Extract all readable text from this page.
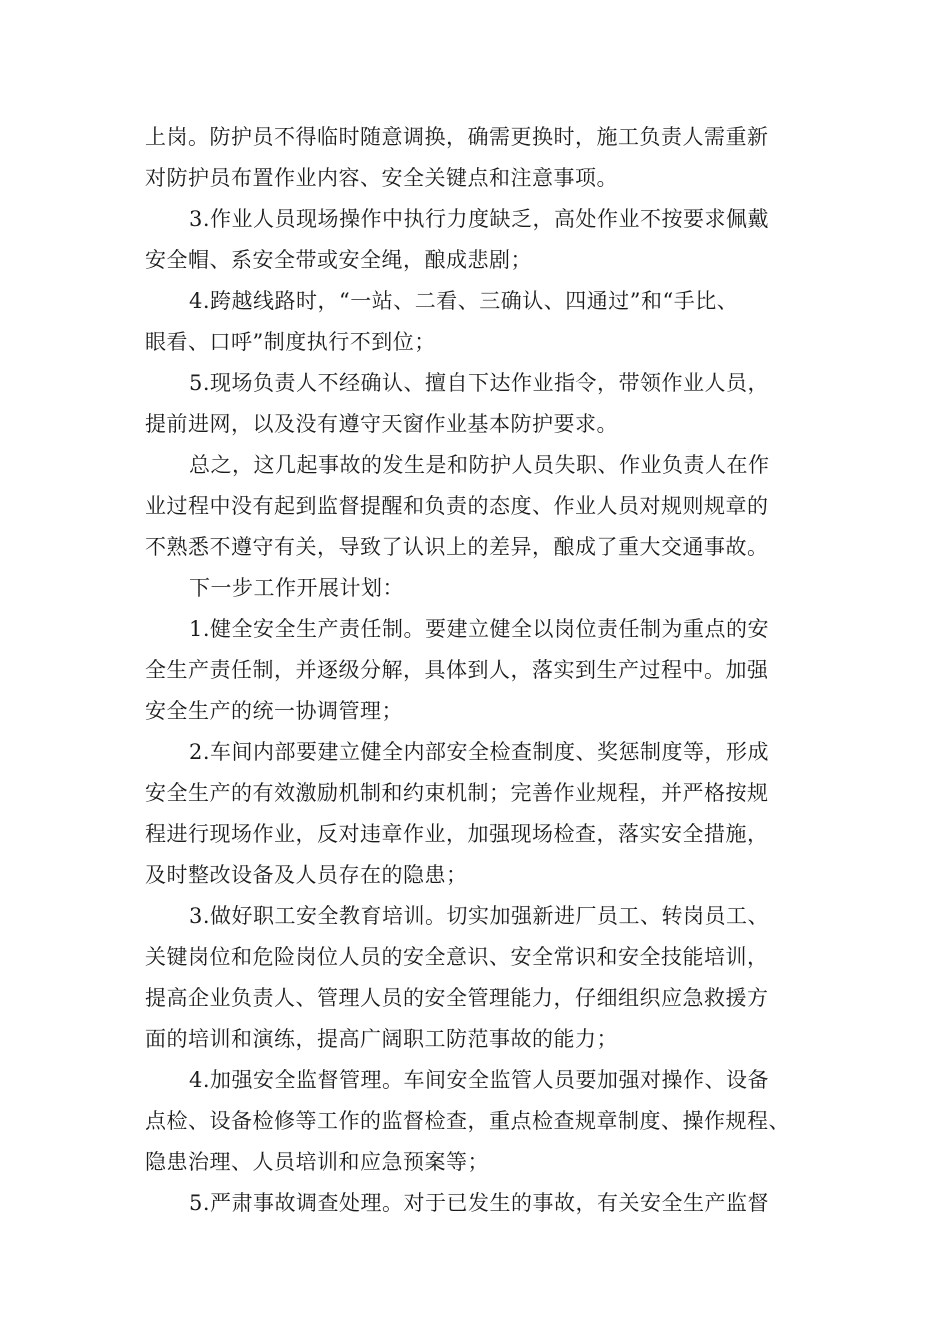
上岗。防护员不得临时随意调换，确需更换时，施工负责人需重新
对防护员布置作业内容、安全关键点和注意事项。
3.作业人员现场操作中执行力度缺乏，高处作业不按要求佩戴
安全帽、系安全带或安全绳，酿成悲剧；
4.跨越线路时，“一站、二看、三确认、四通过”和“手比、
眼看、口呼”制度执行不到位；
5.现场负责人不经确认、擅自下达作业指令，带领作业人员，
提前进网，以及没有遵守天窗作业基本防护要求。
总之，这几起事故的发生是和防护人员失职、作业负责人在作
业过程中没有起到监督提醒和负责的态度、作业人员对规则规章的
不熟悉不遵守有关，导致了认识上的差异，酿成了重大交通事故。
下一步工作开展计划：
1.健全安全生产责任制。要建立健全以岗位责任制为重点的安
全生产责任制，并逐级分解，具体到人，落实到生产过程中。加强
安全生产的统一协调管理；
2.车间内部要建立健全内部安全检查制度、奖惩制度等，形成
安全生产的有效激励机制和约束机制；完善作业规程，并严格按规
程进行现场作业，反对违章作业，加强现场检查，落实安全措施，
及时整改设备及人员存在的隐患；
3.做好职工安全教育培训。切实加强新进厂员工、转岗员工、
关键岗位和危险岗位人员的安全意识、安全常识和安全技能培训，
提高企业负责人、管理人员的安全管理能力，仔细组织应急救援方
面的培训和演练，提高广阔职工防范事故的能力；
4.加强安全监督管理。车间安全监管人员要加强对操作、设备
点检、设备检修等工作的监督检查，重点检查规章制度、操作规程、
隐患治理、人员培训和应急预案等；
5.严肃事故调查处理。对于已发生的事故，有关安全生产监督
